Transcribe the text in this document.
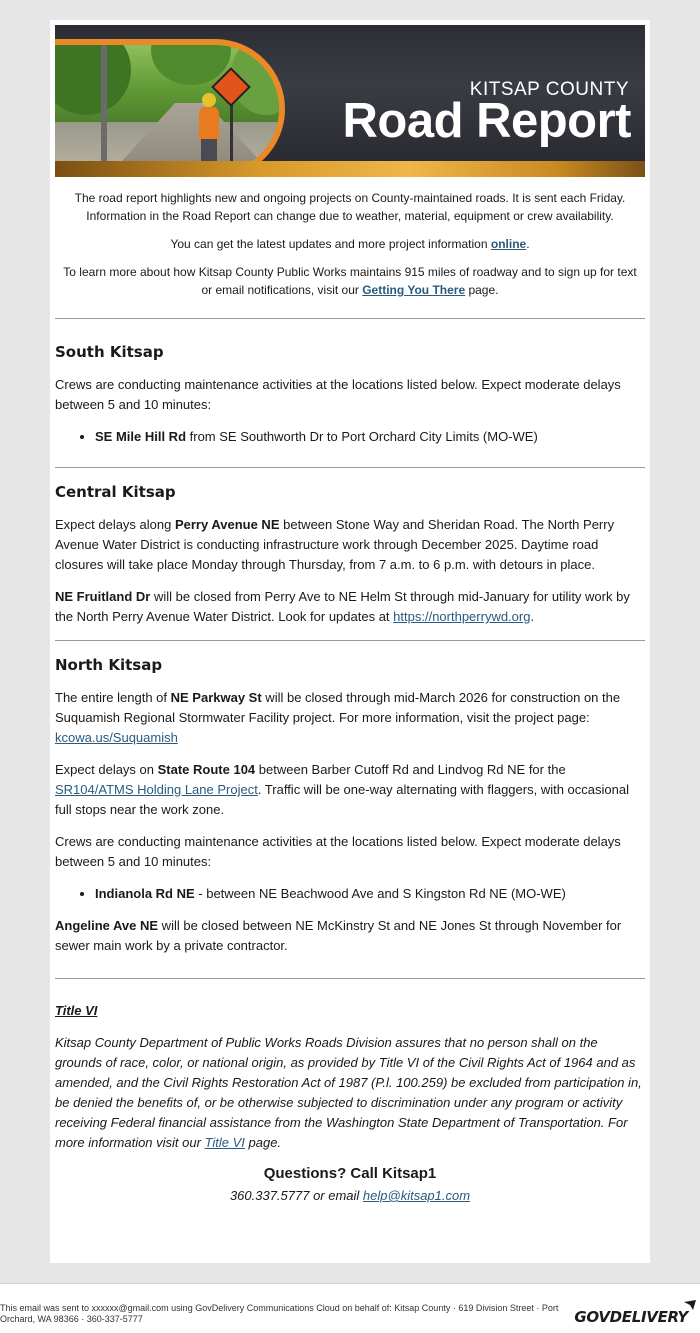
KITSAP COUNTY
Road Report

The road report highlights new and ongoing projects on County-maintained roads. It is sent each Friday. Information in the Road Report can change due to weather, material, equipment or crew availability.

You can get the latest updates and more project information online.

To learn more about how Kitsap County Public Works maintains 915 miles of roadway and to sign up for text or email notifications, visit our Getting You There page.

South Kitsap

Crews are conducting maintenance activities at the locations listed below. Expect moderate delays between 5 and 10 minutes:

• SE Mile Hill Rd from SE Southworth Dr to Port Orchard City Limits (MO-WE)
Central Kitsap

Expect delays along Perry Avenue NE between Stone Way and Sheridan Road. The North Perry Avenue Water District is conducting infrastructure work through December 2025. Daytime road closures will take place Monday through Thursday, from 7 a.m. to 6 p.m. with detours in place.

NE Fruitland Dr will be closed from Perry Ave to NE Helm St through mid-January for utility work by the North Perry Avenue Water District. Look for updates at https://northperrywd.org.

North Kitsap

The entire length of NE Parkway St will be closed through mid-March 2026 for construction on the Suquamish Regional Stormwater Facility project. For more information, visit the project page: kcowa.us/Suquamish

Expect delays on State Route 104 between Barber Cutoff Rd and Lindvog Rd NE for the SR104/ATMS Holding Lane Project. Traffic will be one-way alternating with flaggers, with occasional full stops near the work zone.

Crews are conducting maintenance activities at the locations listed below. Expect moderate delays between 5 and 10 minutes:

• Indianola Rd NE - between NE Beachwood Ave and S Kingston Rd NE (MO-WE)

Angeline Ave NE will be closed between NE McKinstry St and NE Jones St through November for sewer main work by a private contractor.

Title VI

Kitsap County Department of Public Works Roads Division assures that no person shall on the grounds of race, color, or national origin, as provided by Title VI of the Civil Rights Act of 1964 and as amended, and the Civil Rights Restoration Act of 1987 (P.l. 100.259) be excluded from participation in, be denied the benefits of, or be otherwise subjected to discrimination under any program or activity receiving Federal financial assistance from the Washington State Department of Transportation. For more information visit our Title VI page.

Questions? Call Kitsap1

360.337.5777 or email help@kitsap1.com

This email was sent to xxxxxx@gmail.com using GovDelivery Communications Cloud on behalf of: Kitsap County · 619 Division Street · Port Orchard, WA 98366 · 360-337-5777	GOVDELIVERY
